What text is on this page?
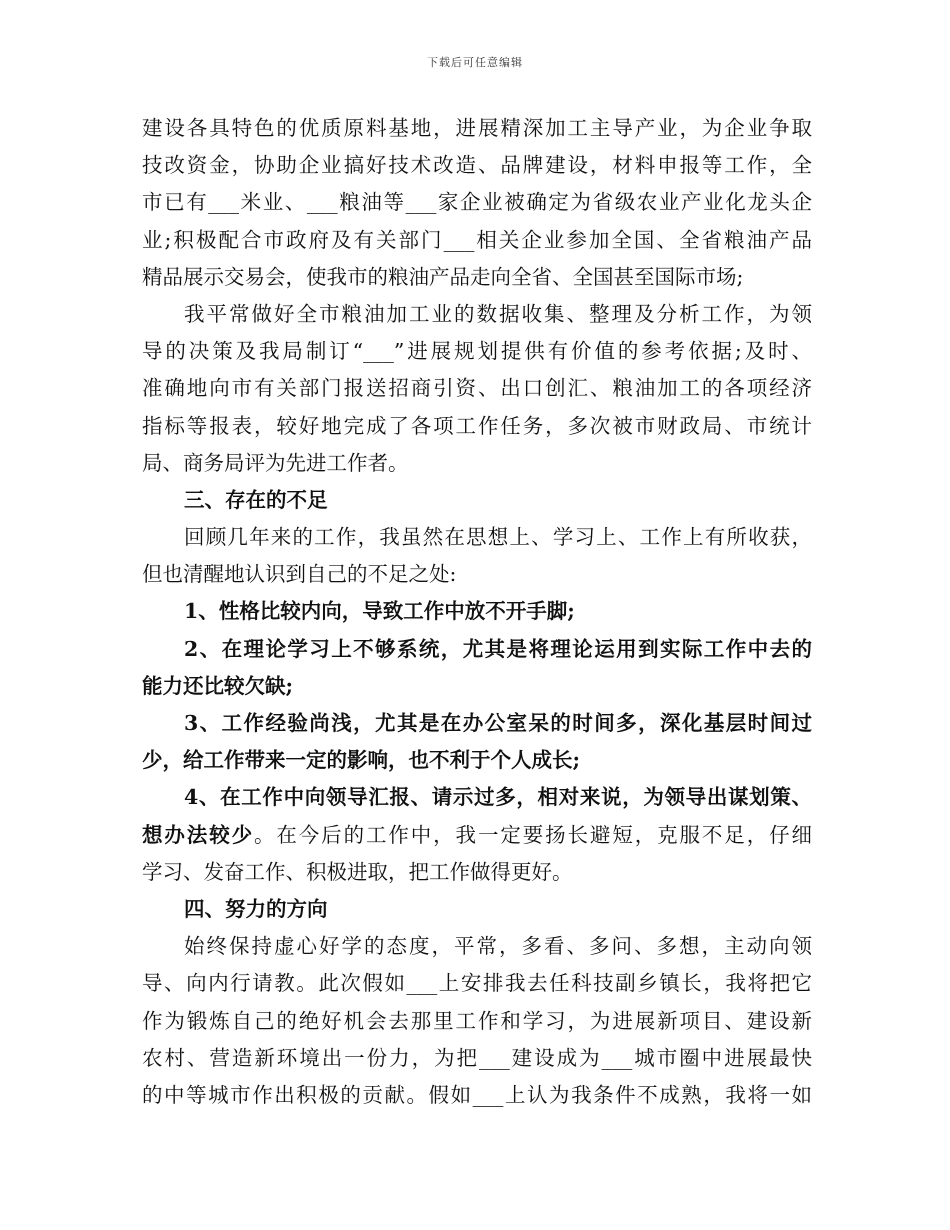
下载后可任意编辑
建设各具特色的优质原料基地，进展精深加工主导产业，为企业争取
技改资金，协助企业搞好技术改造、品牌建设，材料申报等工作，全
市已有___米业、___粮油等___家企业被确定为省级农业产业化龙头企
业;积极配合市政府及有关部门___相关企业参加全国、全省粮油产品
精品展示交易会，使我市的粮油产品走向全省、全国甚至国际市场;
我平常做好全市粮油加工业的数据收集、整理及分析工作，为领
导的决策及我局制订“___”进展规划提供有价值的参考依据;及时、
准确地向市有关部门报送招商引资、出口创汇、粮油加工的各项经济
指标等报表，较好地完成了各项工作任务，多次被市财政局、市统计
局、商务局评为先进工作者。
三、存在的不足
回顾几年来的工作，我虽然在思想上、学习上、工作上有所收获，
但也清醒地认识到自己的不足之处:
1、性格比较内向，导致工作中放不开手脚;
2、在理论学习上不够系统，尤其是将理论运用到实际工作中去的
能力还比较欠缺;
3、工作经验尚浅，尤其是在办公室呆的时间多，深化基层时间过
少，给工作带来一定的影响，也不利于个人成长;
4、在工作中向领导汇报、请示过多，相对来说，为领导出谋划策、
想办法较少。在今后的工作中，我一定要扬长避短，克服不足，仔细
学习、发奋工作、积极进取，把工作做得更好。
四、努力的方向
始终保持虚心好学的态度，平常，多看、多问、多想，主动向领
导、向内行请教。此次假如___上安排我去任科技副乡镇长，我将把它
作为锻炼自己的绝好机会去那里工作和学习，为进展新项目、建设新
农村、营造新环境出一份力，为把___建设成为___城市圈中进展最快
的中等城市作出积极的贡献。假如___上认为我条件不成熟，我将一如
